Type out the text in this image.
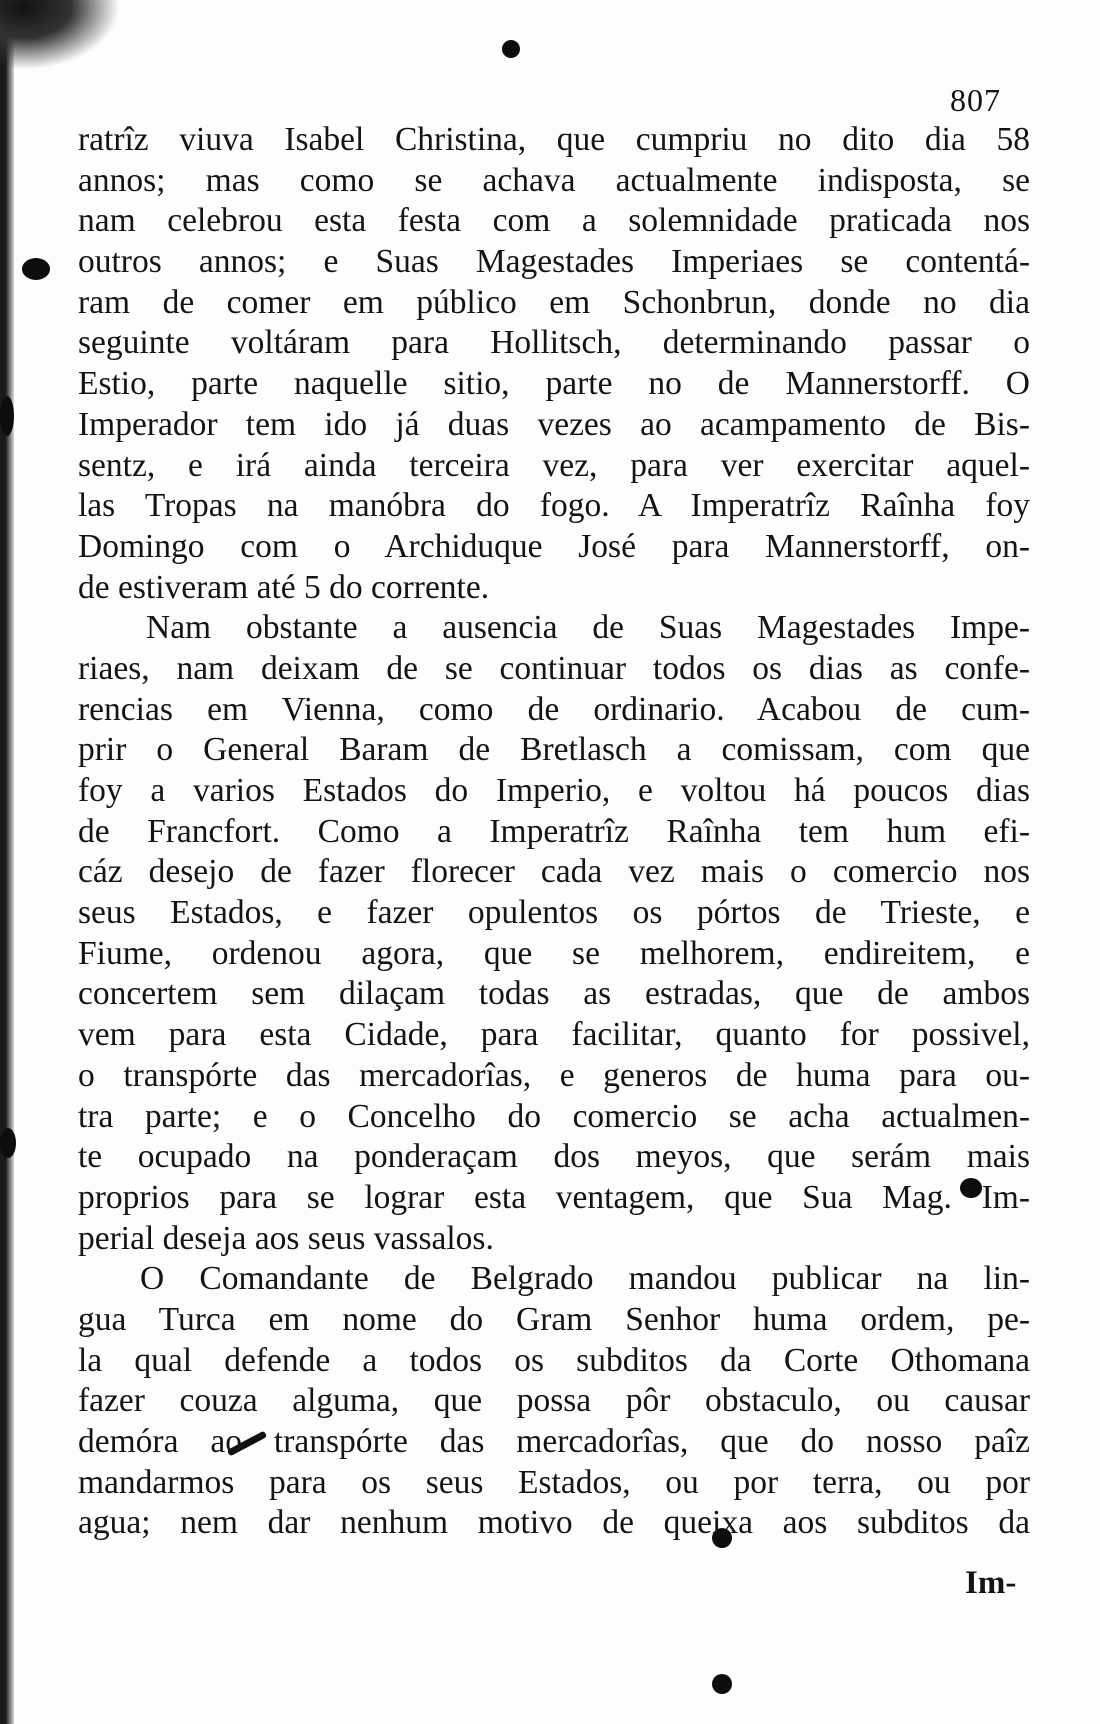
807
ratrîz viuva Isabel Christina, que cumpriu no dito dia 58
annos; mas como se achava actualmente indisposta, se
nam celebrou esta festa com a solemnidade praticada nos
outros annos; e Suas Magestades Imperiaes se contentá-
ram de comer em público em Schonbrun, donde no dia
seguinte voltáram para Hollitsch, determinando passar o
Estio, parte naquelle sitio, parte no de Mannerstorff. O
Imperador tem ido já duas vezes ao acampamento de Bis-
sentz, e irá ainda terceira vez, para ver exercitar aquel-
las Tropas na manóbra do fogo. A Imperatrîz Raînha foy
Domingo com o Archiduque José para Mannerstorff, on-
de estiveram até 5 do corrente.
Nam obstante a ausencia de Suas Magestades Impe-
riaes, nam deixam de se continuar todos os dias as confe-
rencias em Vienna, como de ordinario. Acabou de cum-
prir o General Baram de Bretlasch a comissam, com que
foy a varios Estados do Imperio, e voltou há poucos dias
de Francfort. Como a Imperatrîz Raînha tem hum efi-
cáz desejo de fazer florecer cada vez mais o comercio nos
seus Estados, e fazer opulentos os pórtos de Trieste, e
Fiume, ordenou agora, que se melhorem, endireitem, e
concertem sem dilaçam todas as estradas, que de ambos
vem para esta Cidade, para facilitar, quanto for possivel,
o transpórte das mercadorîas, e generos de huma para ou-
tra parte; e o Concelho do comercio se acha actualmen-
te ocupado na ponderaçam dos meyos, que serám mais
proprios para se lograr esta ventagem, que Sua Mag. Im-
perial deseja aos seus vassalos.
O Comandante de Belgrado mandou publicar na lin-
gua Turca em nome do Gram Senhor huma ordem, pe-
la qual defende a todos os subditos da Corte Othomana
fazer couza alguma, que possa pôr obstaculo, ou causar
demóra ao transpórte das mercadorîas, que do nosso paîz
mandarmos para os seus Estados, ou por terra, ou por
agua; nem dar nenhum motivo de queixa aos subditos da
Im-
